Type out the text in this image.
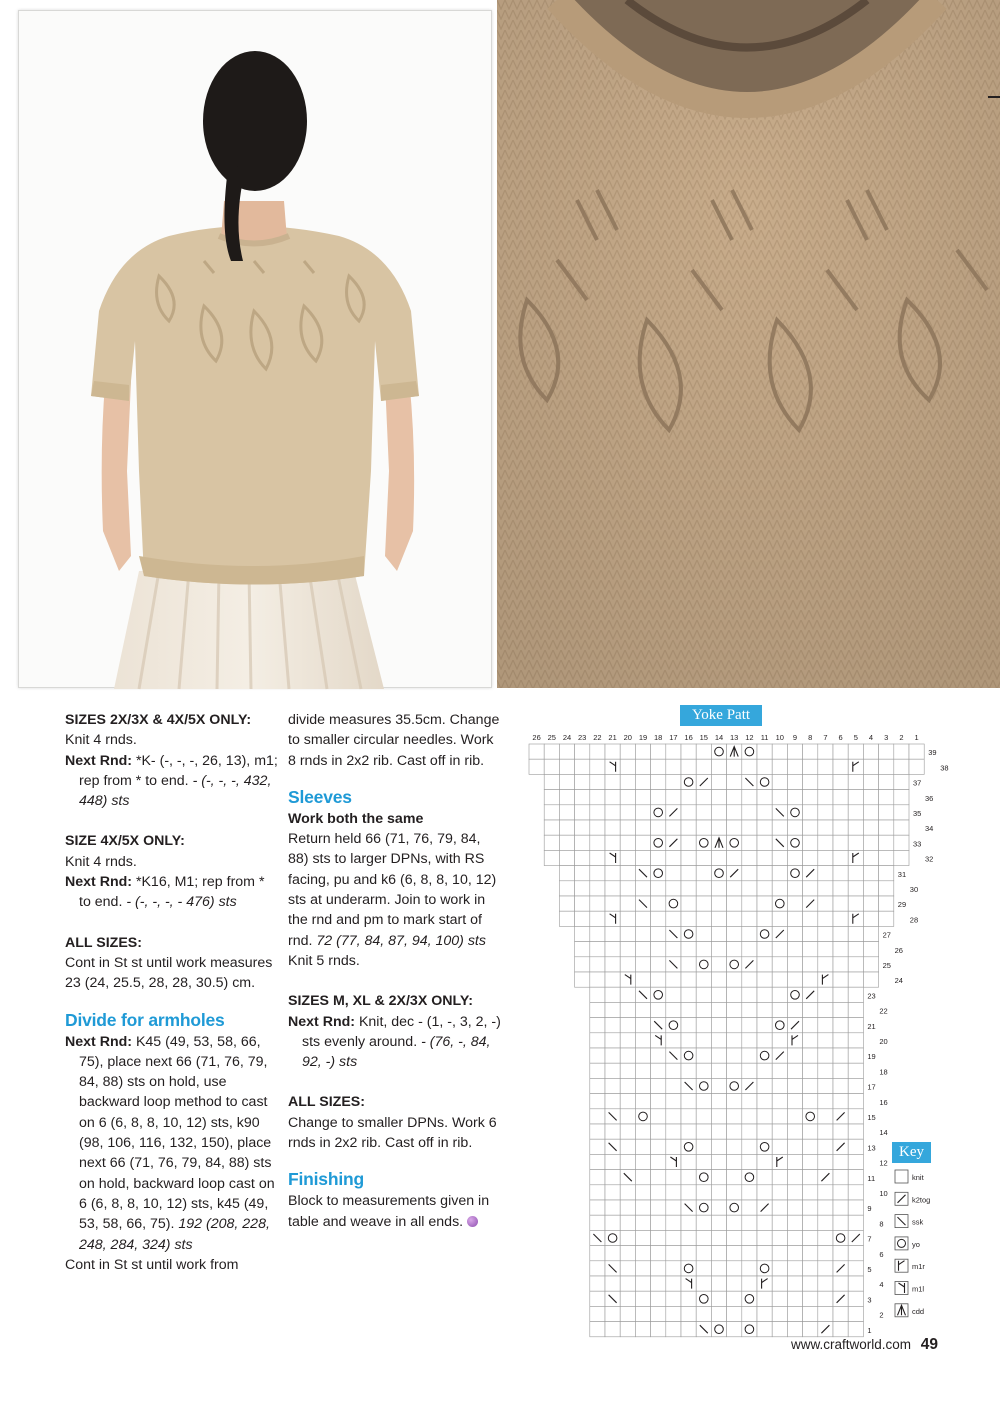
SIZES 2X/3X & 4X/5X ONLY:

Knit 4 rnds.

Next Rnd: *K- (-, -, -, 26, 13), m1; rep from * to end. - (-, -, -, 432, 448) sts

SIZE 4X/5X ONLY:

Knit 4 rnds.

Next Rnd: *K16, M1; rep from * to end. - (-, -, -, - 476) sts

ALL SIZES:

Cont in St st until work measures 23 (24, 25.5, 28, 28, 30.5) cm.

Divide for armholes

Next Rnd: K45 (49, 53, 58, 66, 75), place next 66 (71, 76, 79, 84, 88) sts on hold, use backward loop method to cast on 6 (6, 8, 8, 10, 12) sts, k90 (98, 106, 116, 132, 150), place next 66 (71, 76, 79, 84, 88) sts on hold, backward loop cast on 6 (6, 8, 8, 10, 12) sts, k45 (49, 53, 58, 66, 75). 192 (208, 228, 248, 284, 324) sts

Cont in St st until work from

divide measures 35.5cm. Change to smaller circular needles. Work 8 rnds in 2x2 rib. Cast off in rib.

Sleeves

Work both the same

Return held 66 (71, 76, 79, 84, 88) sts to larger DPNs, with RS facing, pu and k6 (6, 8, 8, 10, 12) sts at underarm. Join to work in the rnd and pm to mark start of rnd. 72 (77, 84, 87, 94, 100) sts

Knit 5 rnds.

SIZES M, XL & 2X/3X ONLY:

Next Rnd: Knit, dec - (1, -, 3, 2, -) sts evenly around. - (76, -, 84, 92, -) sts

ALL SIZES:

Change to smaller DPNs. Work 6 rnds in 2x2 rib. Cast off in rib.

Finishing

Block to measurements given in table and weave in all ends.

Yoke Patt
26 25 24 23 22 21 20 19 18 17 16 15 14 13 12 11 10 9 8 7 6 5 4 3 2 1
39
38
37
36
35
34
33
32
31
30
29
28
27
26
25
24
23
22
21
20
19
18
17
16
15
14
13
12
11
10
9
8
7
6
5
4
3
2
1
Key
knit
k2tog
ssk
yo
m1r
m1l
cdd
www.craftworld.com 49
